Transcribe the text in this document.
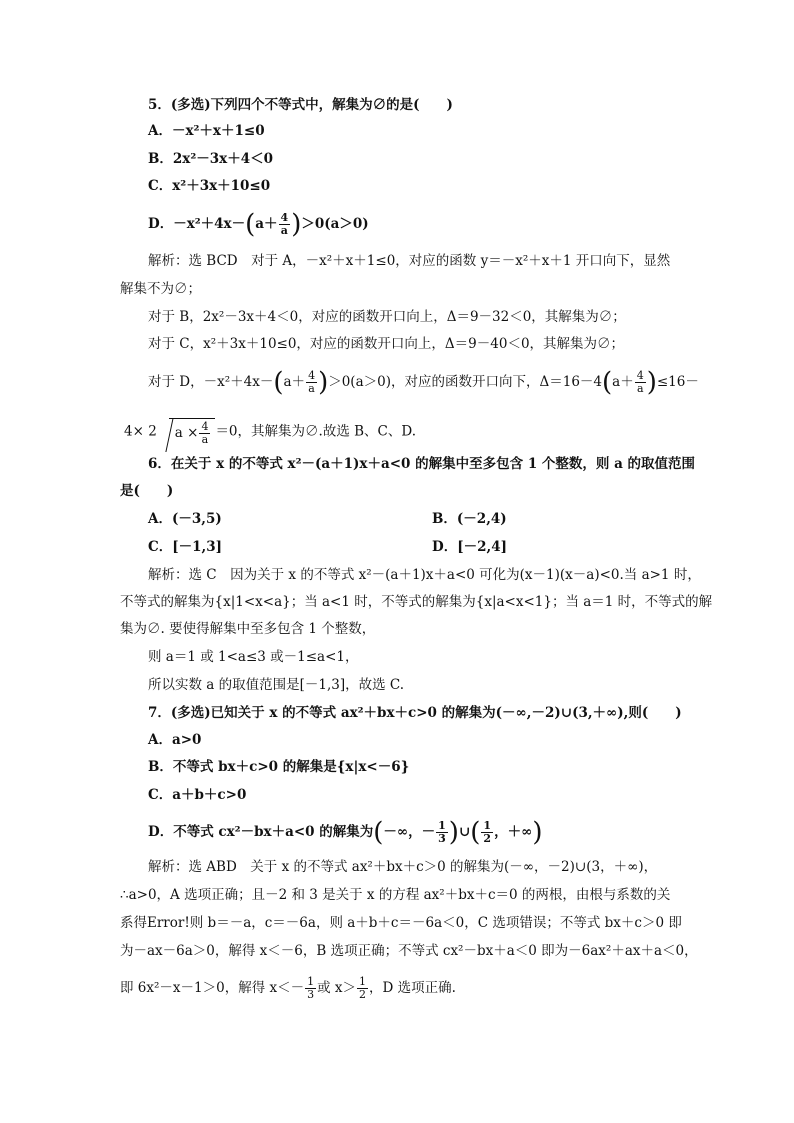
5．(多选)下列四个不等式中，解集为∅的是(　　)
A．－x²＋x＋1≤0
B．2x²－3x＋4＜0
C．x²＋3x＋10≤0
D．$-x^2+4x-(a+ \frac{4}{a} )>0(a>0)$
解析：选 BCD　对于 A，－x²＋x＋1≤0，对应的函数 y＝－x²＋x＋1 开口向下，显然
解集不为∅；
对于 B，2x²－3x＋4＜0，对应的函数开口向上，Δ＝9－32＜0，其解集为∅；
对于 C，x²＋3x＋10≤0，对应的函数开口向上，Δ＝9－40＜0，其解集为∅；
对于 D，$-x^2+4x-(a+ \frac{4}{a} )>0(a>0)$，对应的函数开口向下，$\Delta=16-4(a+ \frac{4}{a} )\le 16-$
4× 2 $a \times \frac{4}{a} =0$，其解集为∅.故选 B、C、D.
6．在关于 x 的不等式 x²－(a＋1)x＋a<0 的解集中至多包含 1 个整数，则 a 的取值范围
是(　　)
A．(－3,5)	B．(－2,4)
C．[－1,3]	D．[－2,4]
解析：选 C　因为关于 x 的不等式 x²－(a＋1)x＋a<0 可化为(x－1)(x－a)<0.当 a>1 时，
不等式的解集为{x|1<x<a}；当 a<1 时，不等式的解集为{x|a<x<1}；当 a＝1 时，不等式的解
集为∅. 要使得解集中至多包含 1 个整数，
则 a＝1 或 1<a≤3 或－1≤a<1，
所以实数 a 的取值范围是[－1,3]，故选 C.
7．(多选)已知关于 x 的不等式 ax²＋bx＋c>0 的解集为(－∞,－2)∪(3,＋∞),则(　　)
A．a>0
B．不等式 bx＋c>0 的解集是{x|x<－6}
C．a＋b＋c>0
D．不等式 cx²－bx＋a<0 的解集为(－∞，－ $\frac{1}{3}$ )∪( $\frac{1}{2}$ ，＋∞)
解析：选 ABD　关于 x 的不等式 ax²＋bx＋c＞0 的解集为(－∞，－2)∪(3，＋∞)，
∴a>0，A 选项正确；且－2 和 3 是关于 x 的方程 ax²＋bx＋c＝0 的两根，由根与系数的关
系得Error!则 b＝－a，c＝－6a，则 a＋b＋c＝－6a＜0，C 选项错误；不等式 bx＋c＞0 即
为－ax－6a＞0，解得 x＜－6，B 选项正确；不等式 cx²－bx＋a＜0 即为－6ax²＋ax＋a＜0，
即 6x²－x－1＞0，解得 $x<- \frac{1}{3}$ 或 $x> \frac{1}{2}$ ，D 选项正确.
